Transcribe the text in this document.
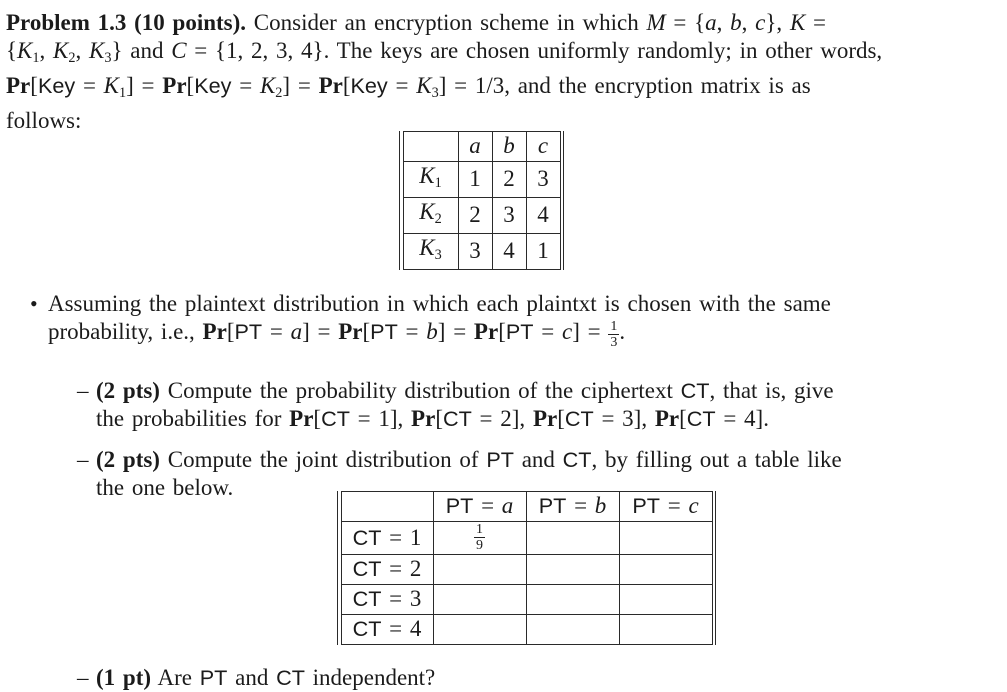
Problem 1.3 (10 points). Consider an encryption scheme in which M = {a, b, c}, K =
{K1, K2, K3} and C = {1, 2, 3, 4}. The keys are chosen uniformly randomly; in other words,
Pr[Key = K1] = Pr[Key = K2] = Pr[Key = K3] = 1/3, and the encryption matrix is as
follows:

	a	b	c
K1	1	2	3
K2	2	3	4
K3	3	4	1
• Assuming the plaintext distribution in which each plaintxt is chosen with the same
probability, i.e., $Pr[PT = a] = Pr[PT = b] = Pr[PT = c] = \frac{1}{3}$ .
– (2 pts) Compute the probability distribution of the ciphertext CT, that is, give
the probabilities for Pr[CT = 1], Pr[CT = 2], Pr[CT = 3], Pr[CT = 4].
– (2 pts) Compute the joint distribution of PT and CT, by filling out a table like
the one below.
	PT = a	PT = b	PT = c
CT = 1	$\frac{1}{9}$

CT = 2			
CT = 3			
CT = 4			
– (1 pt) Are PT and CT independent?
